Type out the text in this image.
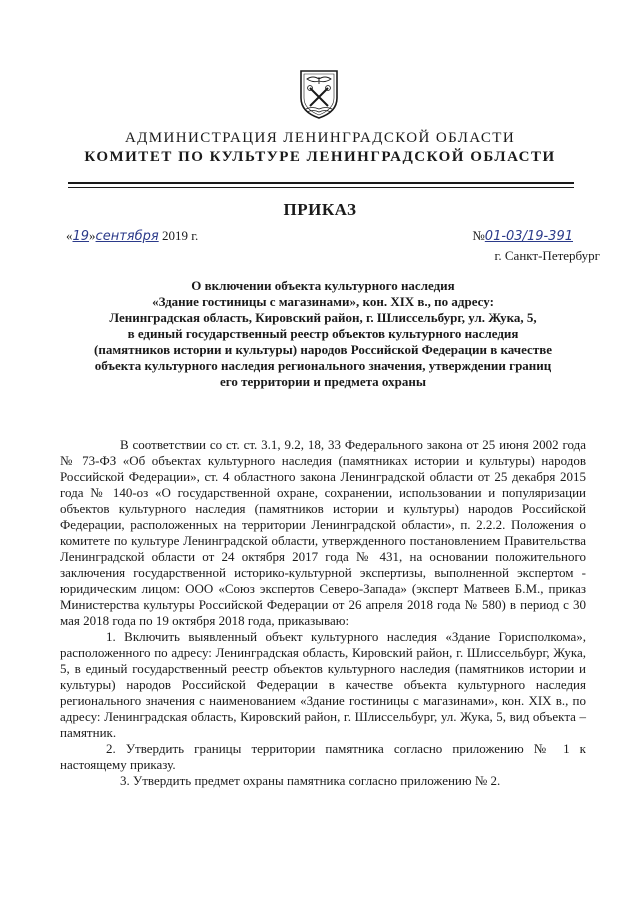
АДМИНИСТРАЦИЯ ЛЕНИНГРАДСКОЙ ОБЛАСТИ
КОМИТЕТ ПО КУЛЬТУРЕ ЛЕНИНГРАДСКОЙ ОБЛАСТИ
ПРИКАЗ
«19»сентября 2019 г.	№01-03/19-391
г. Санкт-Петербург
О включении объекта культурного наследия
«Здание гостиницы с магазинами», кон. XIX в., по адресу:
Ленинградская область, Кировский район, г. Шлиссельбург, ул. Жука, 5,
в единый государственный реестр объектов культурного наследия
(памятников истории и культуры) народов Российской Федерации в качестве
объекта культурного наследия регионального значения, утверждении границ
его территории и предмета охраны

В соответствии со ст. ст. 3.1, 9.2, 18, 33 Федерального закона от 25 июня 2002 года № 73-ФЗ «Об объектах культурного наследия (памятниках истории и культуры) народов Российской Федерации», ст. 4 областного закона Ленинградской области от 25 декабря 2015 года № 140-оз «О государственной охране, сохранении, использовании и популяризации объектов культурного наследия (памятников истории и культуры) народов Российской Федерации, расположенных на территории Ленинградской области», п. 2.2.2. Положения о комитете по культуре Ленинградской области, утвержденного постановлением Правительства Ленинградской области от 24 октября 2017 года № 431, на основании положительного заключения государственной историко-культурной экспертизы, выполненной экспертом - юридическим лицом: ООО «Союз экспертов Северо-Запада» (эксперт Матвеев Б.М., приказ Министерства культуры Российской Федерации от 26 апреля 2018 года № 580) в период с 30 мая 2018 года по 19 октября 2018 года, приказываю:

1. Включить выявленный объект культурного наследия «Здание Горисполкома», расположенного по адресу: Ленинградская область, Кировский район, г. Шлиссельбург, Жука, 5, в единый государственный реестр объектов культурного наследия (памятников истории и культуры) народов Российской Федерации в качестве объекта культурного наследия регионального значения с наименованием «Здание гостиницы с магазинами», кон. XIX в., по адресу: Ленинградская область, Кировский район, г. Шлиссельбург, ул. Жука, 5, вид объекта – памятник.

2. Утвердить границы территории памятника согласно приложению № 1 к настоящему приказу.

3. Утвердить предмет охраны памятника согласно приложению № 2.
